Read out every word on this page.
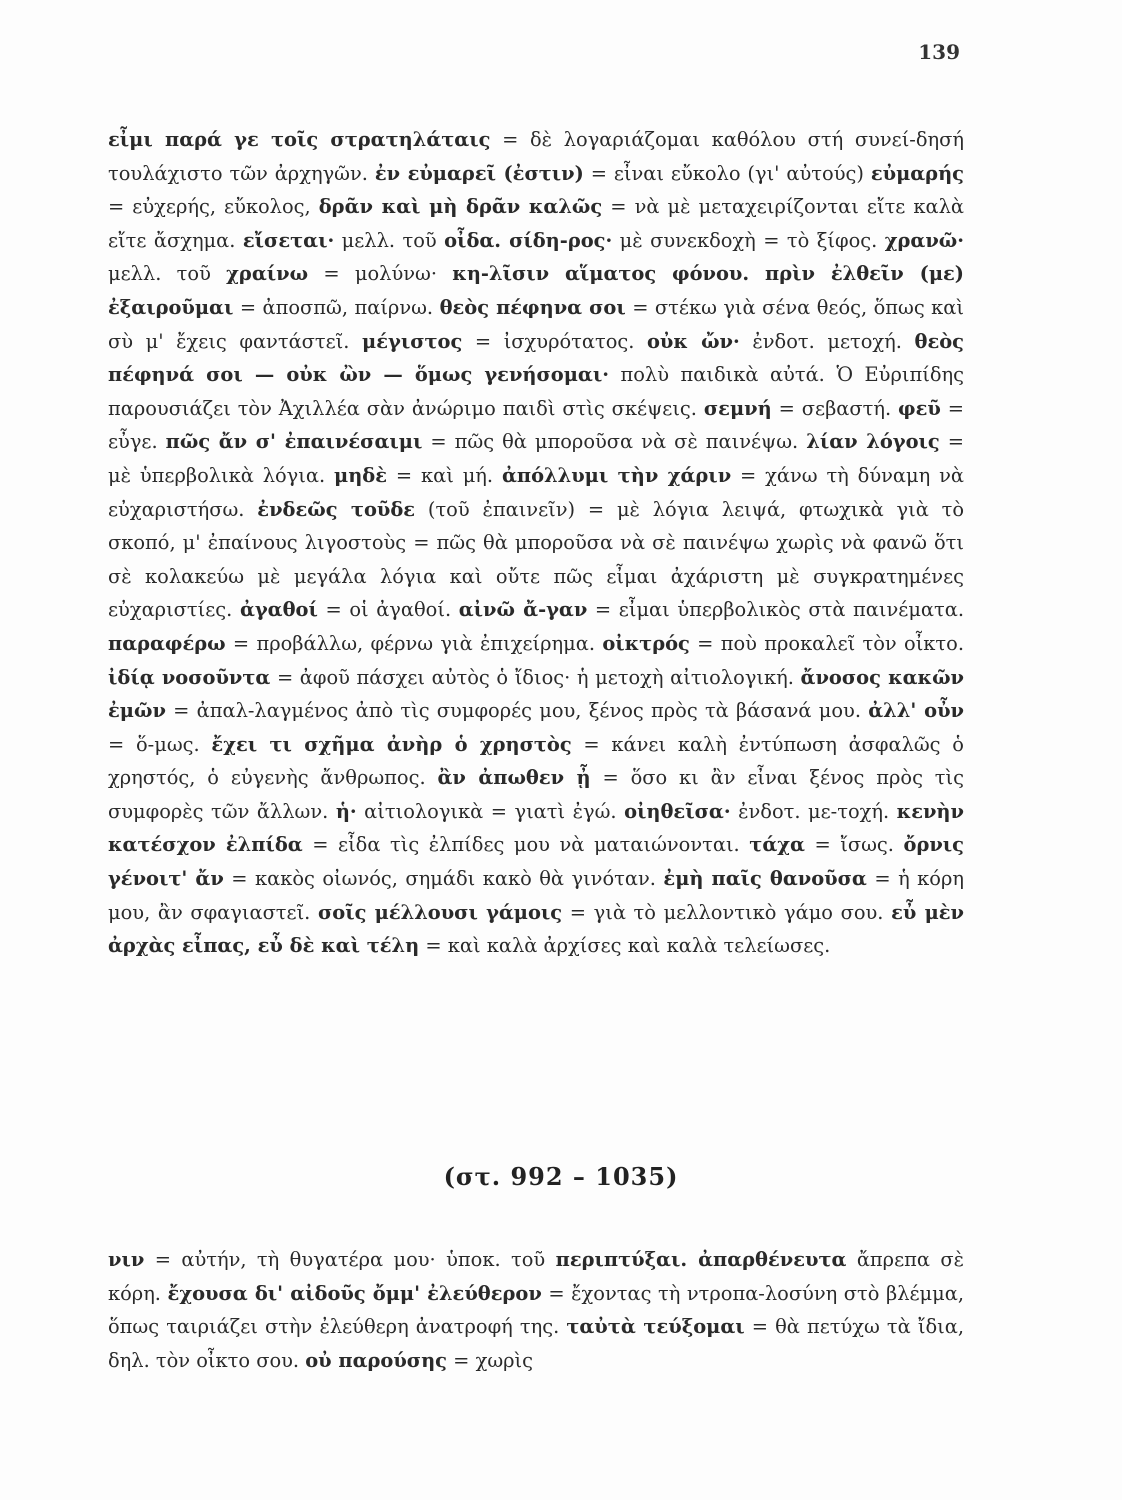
139

εἶμι παρά γε τοῖς στρατηλάταις = δὲ λογαριάζομαι καθόλου στή συνεί-δησή τουλάχιστο τῶν ἀρχηγῶν. ἐν εὐμαρεῖ (ἐστιν) = εἶναι εὔκολο (γι' αὐτούς) εὐμαρής = εὐχερής, εὔκολος, δρᾶν καὶ μὴ δρᾶν καλῶς = νὰ μὲ μεταχειρίζονται εἴτε καλὰ εἴτε ἄσχημα. εἴσεται· μελλ. τοῦ οἶδα. σίδη-ρος· μὲ συνεκδοχὴ = τὸ ξίφος. χρανῶ· μελλ. τοῦ χραίνω = μολύνω· κη-λῖσιν αἵματος φόνου. πρὶν ἐλθεῖν (με) ἐξαιροῦμαι = ἀποσπῶ, παίρνω. θεὸς πέφηνα σοι = στέκω γιὰ σένα θεός, ὅπως καὶ σὺ μ' ἔχεις φαντάστεῖ. μέγιστος = ἰσχυρότατος. οὐκ ὤν· ἐνδοτ. μετοχή. θεὸς πέφηνά σοι — οὐκ ὢν — ὅμως γενήσομαι· πολὺ παιδικὰ αὐτά. Ὁ Εὐριπίδης παρουσιάζει τὸν Ἀχιλλέα σὰν ἀνώριμο παιδὶ στὶς σκέψεις. σεμνή = σεβαστή. φεῦ = εὖγε. πῶς ἄν σ' ἐπαινέσαιμι = πῶς θὰ μποροῦσα νὰ σὲ παινέψω. λίαν λόγοις = μὲ ὑπερβολικὰ λόγια. μηδὲ = καὶ μή. ἀπόλλυμι τὴν χάριν = χάνω τὴ δύναμη νὰ εὐχαριστήσω. ἐνδεῶς τοῦδε (τοῦ ἐπαινεῖν) = μὲ λόγια λειψά, φτωχικὰ γιὰ τὸ σκοπό, μ' ἐπαίνους λιγοστοὺς = πῶς θὰ μποροῦσα νὰ σὲ παινέψω χωρὶς νὰ φανῶ ὅτι σὲ κολακεύω μὲ μεγάλα λόγια καὶ οὔτε πῶς εἶμαι ἀχάριστη μὲ συγκρατημένες εὐχαριστίες. ἀγαθοί = οἱ ἀγαθοί. αἰνῶ ἄ-γαν = εἶμαι ὑπερβολικὸς στὰ παινέματα. παραφέρω = προβάλλω, φέρνω γιὰ ἐπιχείρημα. οἰκτρός = ποὺ προκαλεῖ τὸν οἶκτο. ἰδίᾳ νοσοῦντα = ἀφοῦ πάσχει αὐτὸς ὁ ἴδιος· ἡ μετοχὴ αἰτιολογική. ἄνοσος κακῶν ἐμῶν = ἀπαλ-λαγμένος ἀπὸ τὶς συμφορές μου, ξένος πρὸς τὰ βάσανά μου. ἀλλ' οὖν = ὅ-μως. ἔχει τι σχῆμα ἀνὴρ ὁ χρηστὸς = κάνει καλὴ ἐντύπωση ἀσφαλῶς ὁ χρηστός, ὁ εὐγενὴς ἄνθρωπος. ἂν ἀπωθεν ᾖ = ὅσο κι ἂν εἶναι ξένος πρὸς τὶς συμφορὲς τῶν ἄλλων. ἡ· αἰτιολογικὰ = γιατὶ ἐγώ. οἰηθεῖσα· ἐνδοτ. με-τοχή. κενὴν κατέσχον ἐλπίδα = εἶδα τὶς ἐλπίδες μου νὰ ματαιώνονται. τάχα = ἴσως. ὄρνις γένοιτ' ἄν = κακὸς οἰωνός, σημάδι κακὸ θὰ γινόταν. ἐμὴ παῖς θανοῦσα = ἡ κόρη μου, ἂν σφαγιαστεῖ. σοῖς μέλλουσι γάμοις = γιὰ τὸ μελλοντικὸ γάμο σου. εὖ μὲν ἀρχὰς εἶπας, εὖ δὲ καὶ τέλη = καὶ καλὰ ἀρχίσες καὶ καλὰ τελείωσες.

(στ. 992 – 1035)

νιν = αὐτήν, τὴ θυγατέρα μου· ὑποκ. τοῦ περιπτύξαι. ἀπαρθένευτα ἄπρεπα σὲ κόρη. ἔχουσα δι' αἰδοῦς ὄμμ' ἐλεύθερον = ἔχοντας τὴ ντροπα-λοσύνη στὸ βλέμμα, ὅπως ταιριάζει στὴν ἐλεύθερη ἀνατροφή της. ταὐτὰ τεύξομαι = θὰ πετύχω τὰ ἴδια, δηλ. τὸν οἶκτο σου. οὐ παρούσης = χωρὶς
